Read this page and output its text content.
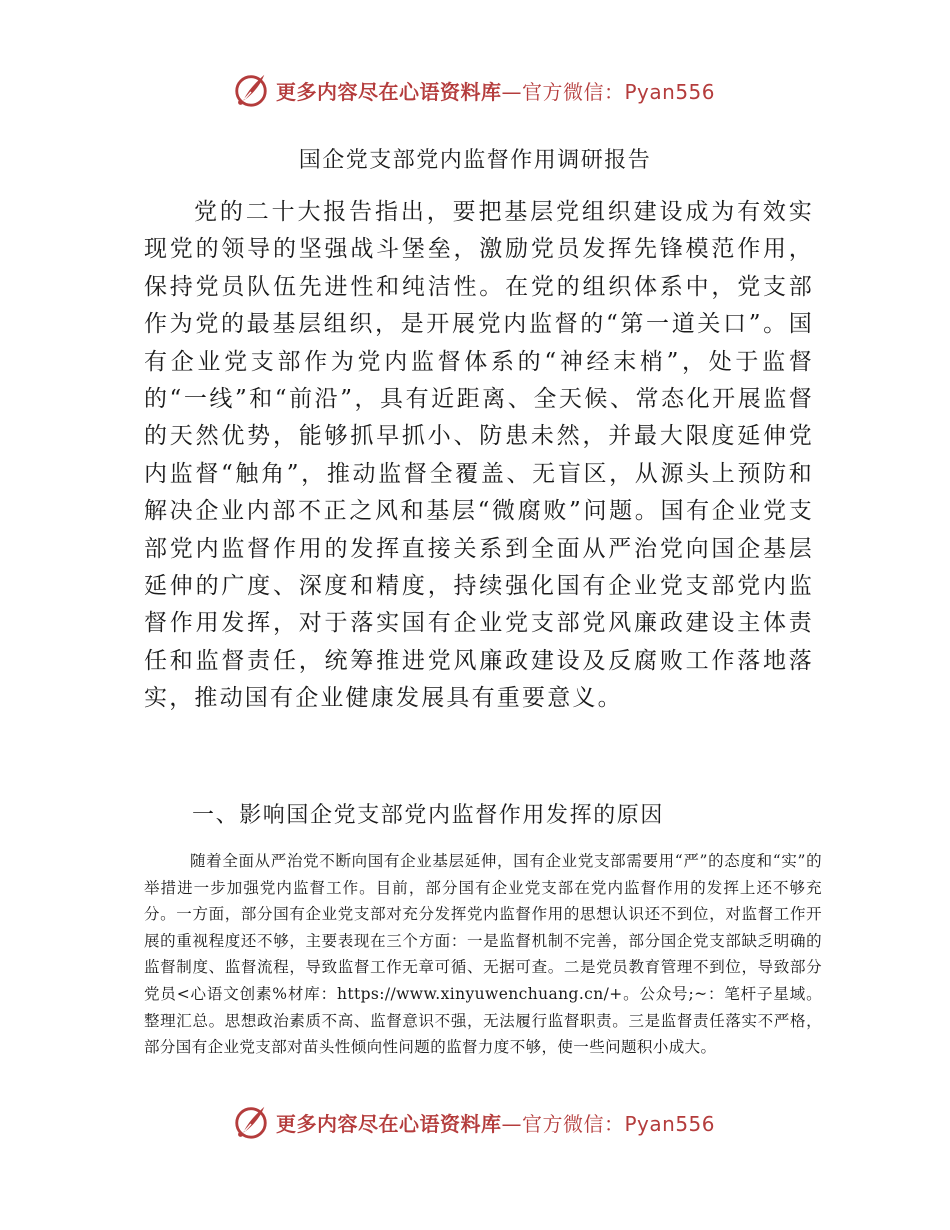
更多内容尽在心语资料库—官方微信：Pyan556
国企党支部党内监督作用调研报告

党的二十大报告指出，要把基层党组织建设成为有效实现党的领导的坚强战斗堡垒，激励党员发挥先锋模范作用，保持党员队伍先进性和纯洁性。在党的组织体系中，党支部作为党的最基层组织，是开展党内监督的“第一道关口”。国有企业党支部作为党内监督体系的“神经末梢”，处于监督的“一线”和“前沿”，具有近距离、全天候、常态化开展监督的天然优势，能够抓早抓小、防患未然，并最大限度延伸党内监督“触角”，推动监督全覆盖、无盲区，从源头上预防和解决企业内部不正之风和基层“微腐败”问题。国有企业党支部党内监督作用的发挥直接关系到全面从严治党向国企基层延伸的广度、深度和精度，持续强化国有企业党支部党内监督作用发挥，对于落实国有企业党支部党风廉政建设主体责任和监督责任，统筹推进党风廉政建设及反腐败工作落地落实，推动国有企业健康发展具有重要意义。

一、影响国企党支部党内监督作用发挥的原因

随着全面从严治党不断向国有企业基层延伸，国有企业党支部需要用“严”的态度和“实”的举措进一步加强党内监督工作。目前，部分国有企业党支部在党内监督作用的发挥上还不够充分。一方面，部分国有企业党支部对充分发挥党内监督作用的思想认识还不到位，对监督工作开展的重视程度还不够，主要表现在三个方面：一是监督机制不完善，部分国企党支部缺乏明确的监督制度、监督流程，导致监督工作无章可循、无据可查。二是党员教育管理不到位，导致部分党员<心语文创素%材库：https://www.xinyuwenchuang.cn/+。公众号;~：笔杆子星域。整理汇总。思想政治素质不高、监督意识不强，无法履行监督职责。三是监督责任落实不严格，部分国有企业党支部对苗头性倾向性问题的监督力度不够，使一些问题积小成大。

更多内容尽在心语资料库—官方微信：Pyan556
